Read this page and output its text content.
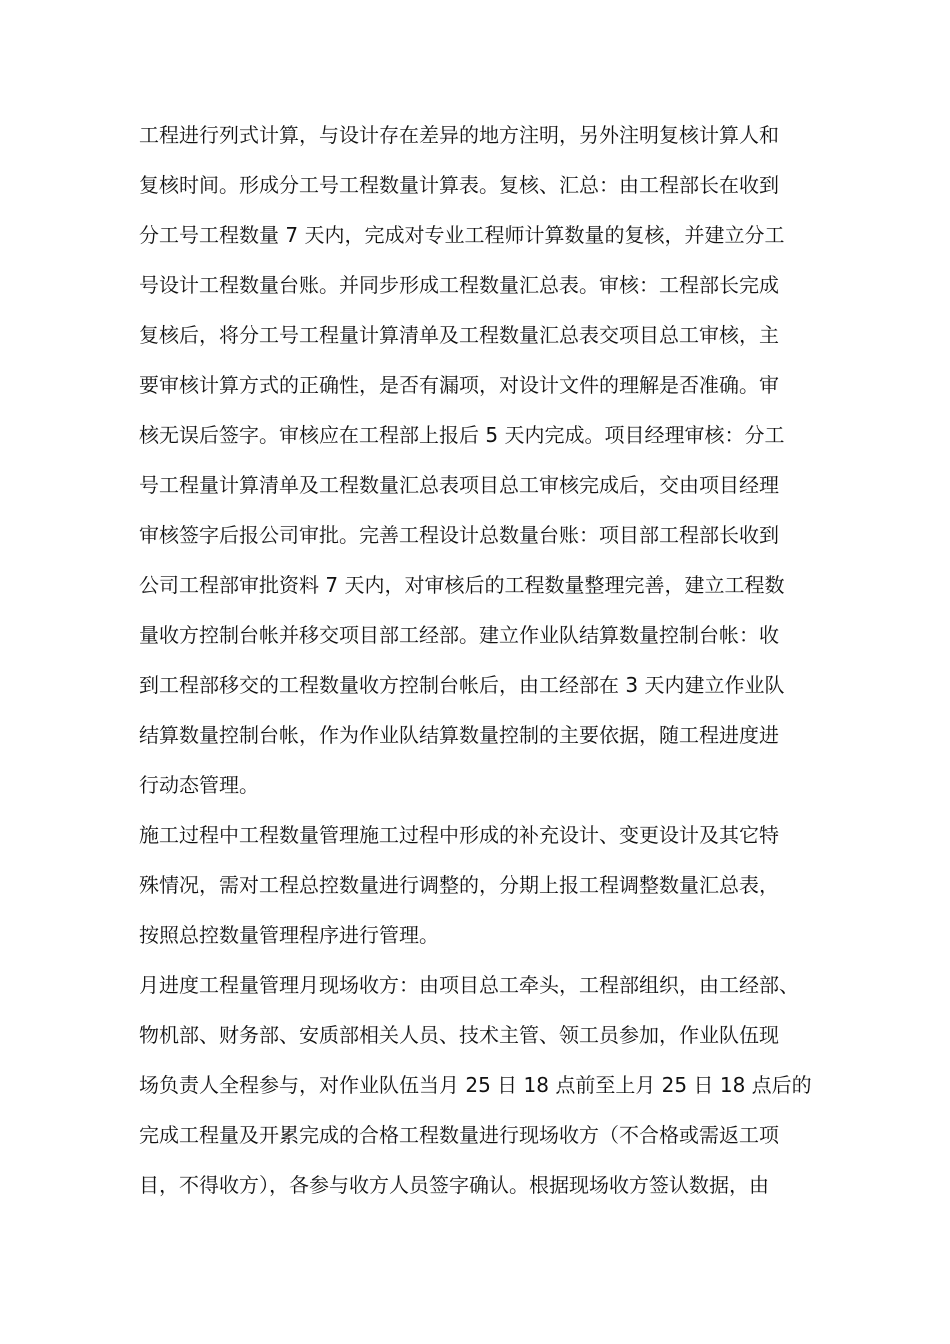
工程进行列式计算，与设计存在差异的地方注明，另外注明复核计算人和
复核时间。形成分工号工程数量计算表。复核、汇总：由工程部长在收到
分工号工程数量 7 天内，完成对专业工程师计算数量的复核，并建立分工
号设计工程数量台账。并同步形成工程数量汇总表。审核：工程部长完成
复核后，将分工号工程量计算清单及工程数量汇总表交项目总工审核，主
要审核计算方式的正确性，是否有漏项，对设计文件的理解是否准确。审
核无误后签字。审核应在工程部上报后 5 天内完成。项目经理审核：分工
号工程量计算清单及工程数量汇总表项目总工审核完成后，交由项目经理
审核签字后报公司审批。完善工程设计总数量台账：项目部工程部长收到
公司工程部审批资料 7 天内，对审核后的工程数量整理完善，建立工程数
量收方控制台帐并移交项目部工经部。建立作业队结算数量控制台帐：收
到工程部移交的工程数量收方控制台帐后，由工经部在 3 天内建立作业队
结算数量控制台帐，作为作业队结算数量控制的主要依据，随工程进度进
行动态管理。
施工过程中工程数量管理施工过程中形成的补充设计、变更设计及其它特
殊情况，需对工程总控数量进行调整的，分期上报工程调整数量汇总表，
按照总控数量管理程序进行管理。
月进度工程量管理月现场收方：由项目总工牵头，工程部组织，由工经部、
物机部、财务部、安质部相关人员、技术主管、领工员参加，作业队伍现
场负责人全程参与，对作业队伍当月 25 日 18 点前至上月 25 日 18 点后的
完成工程量及开累完成的合格工程数量进行现场收方（不合格或需返工项
目，不得收方），各参与收方人员签字确认。根据现场收方签认数据，由
